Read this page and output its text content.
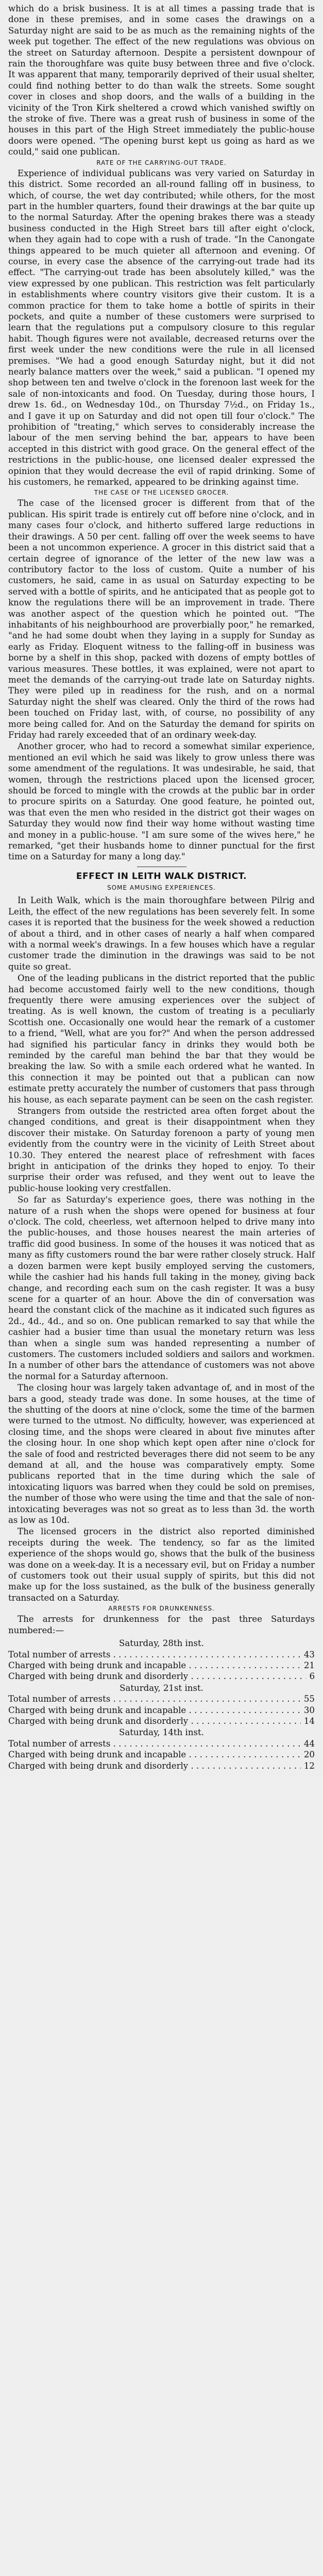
which do a brisk business. It is at all times a passing trade that is done in these premises, and in some cases the drawings on a Saturday night are said to be as much as the remaining nights of the week put together. The effect of the new regulations was obvious on the street on Saturday afternoon. Despite a persistent downpour of rain the thoroughfare was quite busy between three and five o'clock. It was apparent that many, temporarily deprived of their usual shelter, could find nothing better to do than walk the streets. Some sought cover in closes and shop doors, and the walls of a building in the vicinity of the Tron Kirk sheltered a crowd which vanished swiftly on the stroke of five. There was a great rush of business in some of the houses in this part of the High Street immediately the public-house doors were opened. "The opening burst kept us going as hard as we could," said one publican.

RATE OF THE CARRYING-OUT TRADE.

Experience of individual publicans was very varied on Saturday in this district. Some recorded an all-round falling off in business, to which, of course, the wet day contributed; while others, for the most part in the humbler quarters, found their drawings at the bar quite up to the normal Saturday. After the opening brakes there was a steady business conducted in the High Street bars till after eight o'clock, when they again had to cope with a rush of trade. "In the Canongate things appeared to be much quieter all afternoon and evening. Of course, in every case the absence of the carrying-out trade had its effect. "The carrying-out trade has been absolutely killed," was the view expressed by one publican. This restriction was felt particularly in establishments where country visitors give their custom. It is a common practice for them to take home a bottle of spirits in their pockets, and quite a number of these customers were surprised to learn that the regulations put a compulsory closure to this regular habit. Though figures were not available, decreased returns over the first week under the new conditions were the rule in all licensed premises. "We had a good enough Saturday night, but it did not nearly balance matters over the week," said a publican. "I opened my shop between ten and twelve o'clock in the forenoon last week for the sale of non-intoxicants and food. On Tuesday, during those hours, I drew 1s. 6d., on Wednesday 10d., on Thursday 7½d., on Friday 1s., and I gave it up on Saturday and did not open till four o'clock." The prohibition of "treating," which serves to considerably increase the labour of the men serving behind the bar, appears to have been accepted in this district with good grace. On the general effect of the restrictions in the public-house, one licensed dealer expressed the opinion that they would decrease the evil of rapid drinking. Some of his customers, he remarked, appeared to be drinking against time.

THE CASE OF THE LICENSED GROCER.

The case of the licensed grocer is different from that of the publican. His spirit trade is entirely cut off before nine o'clock, and in many cases four o'clock, and hitherto suffered large reductions in their drawings. A 50 per cent. falling off over the week seems to have been a not uncommon experience. A grocer in this district said that a certain degree of ignorance of the letter of the new law was a contributory factor to the loss of custom. Quite a number of his customers, he said, came in as usual on Saturday expecting to be served with a bottle of spirits, and he anticipated that as people got to know the regulations there will be an improvement in trade. There was another aspect of the question which he pointed out. "The inhabitants of his neighbourhood are proverbially poor," he remarked, "and he had some doubt when they laying in a supply for Sunday as early as Friday. Eloquent witness to the falling-off in business was borne by a shelf in this shop, packed with dozens of empty bottles of various measures. These bottles, it was explained, were not apart to meet the demands of the carrying-out trade late on Saturday nights. They were piled up in readiness for the rush, and on a normal Saturday night the shelf was cleared. Only the third of the rows had been touched on Friday last, with, of course, no possibility of any more being called for. And on the Saturday the demand for spirits on Friday had rarely exceeded that of an ordinary week-day.

Another grocer, who had to record a somewhat similar experience, mentioned an evil which he said was likely to grow unless there was some amendment of the regulations. It was undesirable, he said, that women, through the restrictions placed upon the licensed grocer, should be forced to mingle with the crowds at the public bar in order to procure spirits on a Saturday. One good feature, he pointed out, was that even the men who resided in the district got their wages on Saturday they would now find their way home without wasting time and money in a public-house. "I am sure some of the wives here," he remarked, "get their husbands home to dinner punctual for the first time on a Saturday for many a long day."

EFFECT IN LEITH WALK DISTRICT.
SOME AMUSING EXPERIENCES.

In Leith Walk, which is the main thoroughfare between Pilrig and Leith, the effect of the new regulations has been severely felt. In some cases it is reported that the business for the week showed a reduction of about a third, and in other cases of nearly a half when compared with a normal week's drawings. In a few houses which have a regular customer trade the diminution in the drawings was said to be not quite so great.

One of the leading publicans in the district reported that the public had become accustomed fairly well to the new conditions, though frequently there were amusing experiences over the subject of treating. As is well known, the custom of treating is a peculiarly Scottish one. Occasionally one would hear the remark of a customer to a friend, "Well, what are you for?" And when the person addressed had signified his particular fancy in drinks they would both be reminded by the careful man behind the bar that they would be breaking the law. So with a smile each ordered what he wanted. In this connection it may be pointed out that a publican can now estimate pretty accurately the number of customers that pass through his house, as each separate payment can be seen on the cash register.

Strangers from outside the restricted area often forget about the changed conditions, and great is their disappointment when they discover their mistake. On Saturday forenoon a party of young men evidently from the country were in the vicinity of Leith Street about 10.30. They entered the nearest place of refreshment with faces bright in anticipation of the drinks they hoped to enjoy. To their surprise their order was refused, and they went out to leave the public-house looking very crestfallen.

So far as Saturday's experience goes, there was nothing in the nature of a rush when the shops were opened for business at four o'clock. The cold, cheerless, wet afternoon helped to drive many into the public-houses, and those houses nearest the main arteries of traffic did good business. In some of the houses it was noticed that as many as fifty customers round the bar were rather closely struck. Half a dozen barmen were kept busily employed serving the customers, while the cashier had his hands full taking in the money, giving back change, and recording each sum on the cash register. It was a busy scene for a quarter of an hour. Above the din of conversation was heard the constant click of the machine as it indicated such figures as 2d., 4d., 4d., and so on. One publican remarked to say that while the cashier had a busier time than usual the monetary return was less than when a single sum was handed representing a number of customers. The customers included soldiers and sailors and workmen. In a number of other bars the attendance of customers was not above the normal for a Saturday afternoon.

The closing hour was largely taken advantage of, and in most of the bars a good, steady trade was done. In some houses, at the time of the shutting of the doors at nine o'clock, some the time of the barmen were turned to the utmost. No difficulty, however, was experienced at closing time, and the shops were cleared in about five minutes after the closing hour. In one shop which kept open after nine o'clock for the sale of food and restricted beverages there did not seem to be any demand at all, and the house was comparatively empty. Some publicans reported that in the time during which the sale of intoxicating liquors was barred when they could be sold on premises, the number of those who were using the time and that the sale of non-intoxicating beverages was not so great as to less than 3d. the worth as low as 10d.

The licensed grocers in the district also reported diminished receipts during the week. The tendency, so far as the limited experience of the shops would go, shows that the bulk of the business was done on a week-day. It is a necessary evil, but on Friday a number of customers took out their usual supply of spirits, but this did not make up for the loss sustained, as the bulk of the business generally transacted on a Saturday.

ARRESTS FOR DRUNKENNESS.

The arrests for drunkenness for the past three Saturdays numbered:—

Saturday, 28th inst.
Total number of arrests . . .	43
Charged with being drunk and incapable . . .	21
Charged with being drunk and disorderly . . .	6
Saturday, 21st inst.
Total number of arrests . . .	55
Charged with being drunk and incapable . . .	30
Charged with being drunk and disorderly . . .	14
Saturday, 14th inst.
Total number of arrests . . .	44
Charged with being drunk and incapable . . .	20
Charged with being drunk and disorderly . . .	12
